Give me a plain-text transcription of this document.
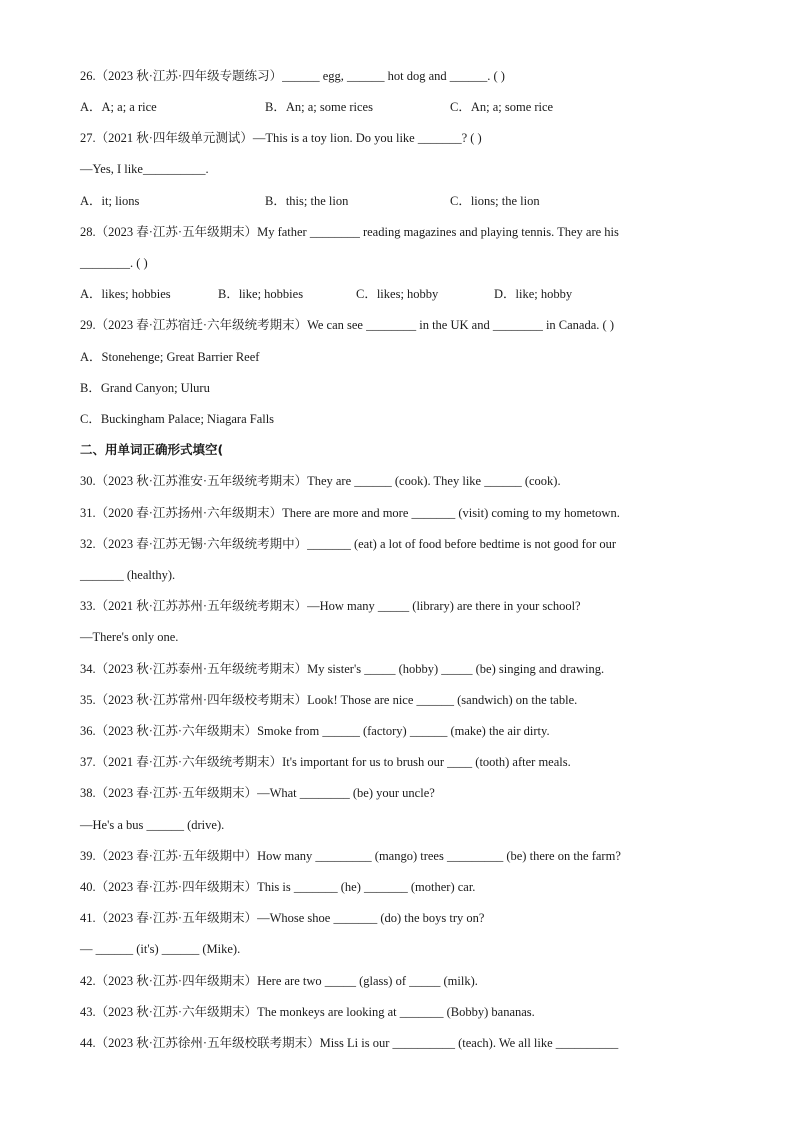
26.（2023 秋·江苏·四年级专题练习）______ egg, ______ hot dog and ______. ( )
A．A; a; a rice	B．An; a; some rices	C．An; a; some rice
27.（2021 秋·四年级单元测试）—This is a toy lion. Do you like _______? ( )
—Yes, I like__________.
A．it; lions	B．this; the lion	C．lions; the lion
28.（2023 春·江苏·五年级期末）My father ________ reading magazines and playing tennis. They are his
________. ( )
A．likes; hobbies	B．like; hobbies	C．likes; hobby	D．like; hobby
29.（2023 春·江苏宿迁·六年级统考期末）We can see ________ in the UK and ________ in Canada. ( )
A．Stonehenge; Great Barrier Reef
B．Grand Canyon; Uluru
C．Buckingham Palace; Niagara Falls
二、用单词正确形式填空(
30.（2023 秋·江苏淮安·五年级统考期末）They are ______ (cook). They like ______ (cook).
31.（2020 春·江苏扬州·六年级期末）There are more and more _______ (visit) coming to my hometown.
32.（2023 春·江苏无锡·六年级统考期中）_______ (eat) a lot of food before bedtime is not good for our
_______ (healthy).
33.（2021 秋·江苏苏州·五年级统考期末）—How many _____ (library) are there in your school?
—There's only one.
34.（2023 秋·江苏泰州·五年级统考期末）My sister's _____ (hobby) _____ (be) singing and drawing.
35.（2023 秋·江苏常州·四年级校考期末）Look! Those are nice ______ (sandwich) on the table.
36.（2023 秋·江苏·六年级期末）Smoke from ______ (factory) ______ (make) the air dirty.
37.（2021 春·江苏·六年级统考期末）It's important for us to brush our ____ (tooth) after meals.
38.（2023 春·江苏·五年级期末）—What ________ (be) your uncle?
—He's a bus ______ (drive).
39.（2023 春·江苏·五年级期中）How many _________ (mango) trees _________ (be) there on the farm?
40.（2023 春·江苏·四年级期末）This is _______ (he) _______ (mother) car.
41.（2023 春·江苏·五年级期末）—Whose shoe _______ (do) the boys try on?
— ______ (it's) ______ (Mike).
42.（2023 秋·江苏·四年级期末）Here are two _____ (glass) of _____ (milk).
43.（2023 秋·江苏·六年级期末）The monkeys are looking at _______ (Bobby) bananas.
44.（2023 秋·江苏徐州·五年级校联考期末）Miss Li is our __________ (teach). We all like __________
